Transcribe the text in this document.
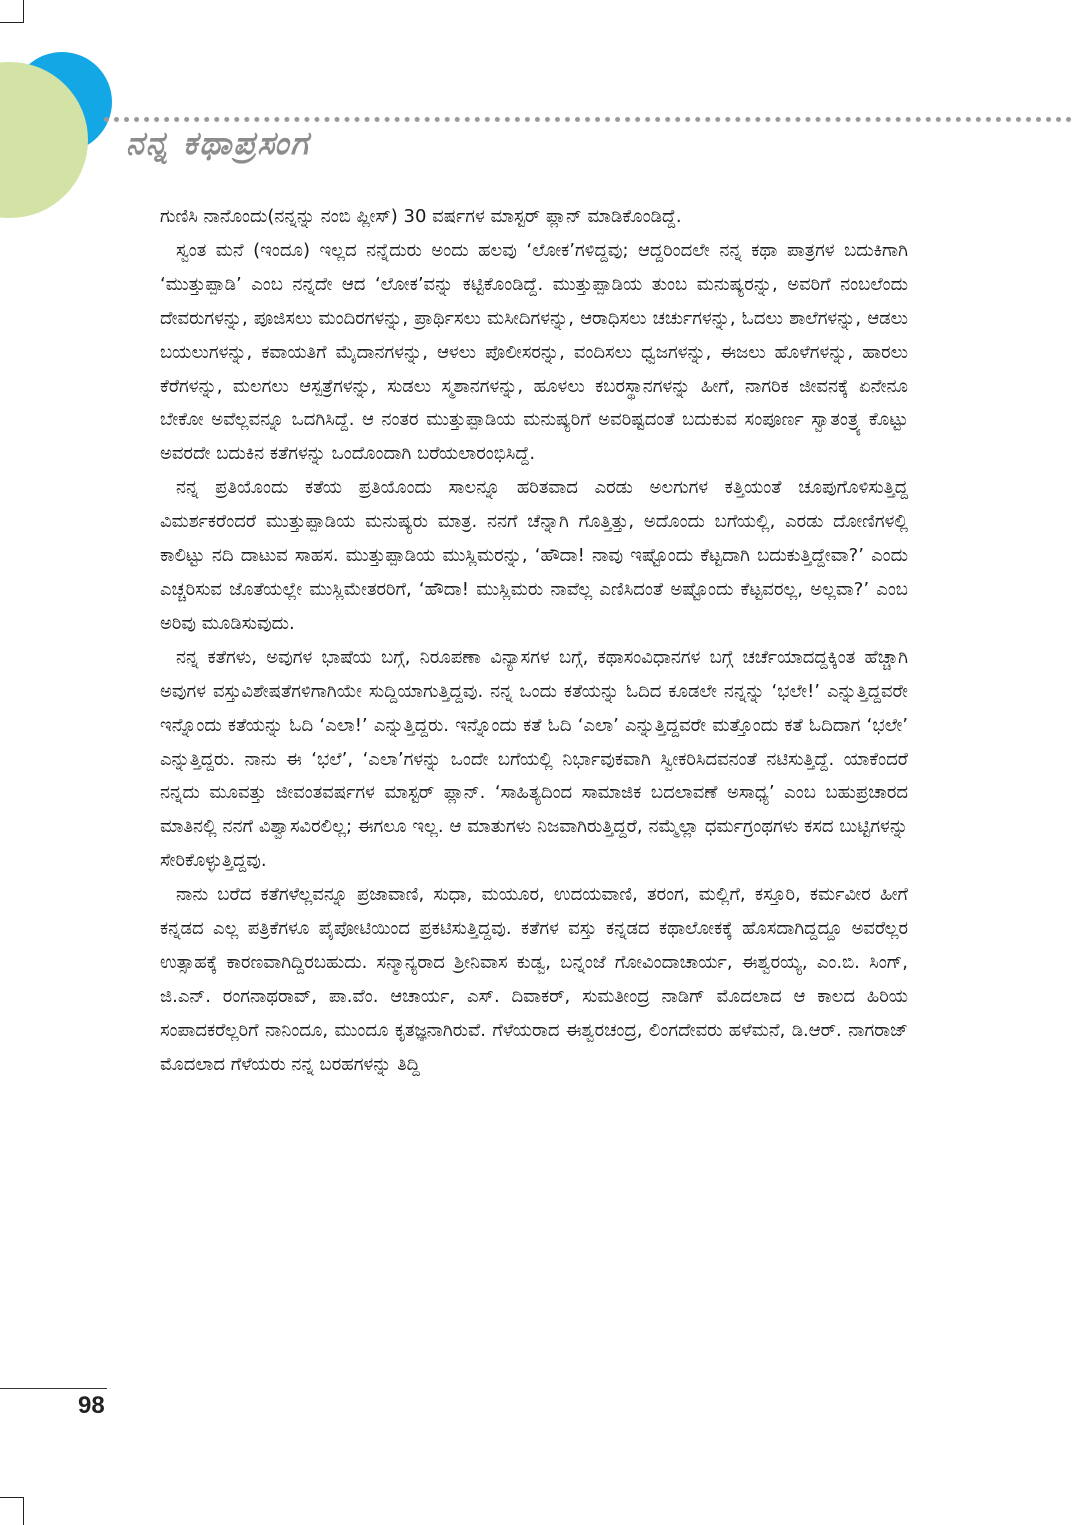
ನನ್ನ ಕಥಾಪ್ರಸಂಗ

ಗುಣಿಸಿ ನಾನೊಂದು(ನನ್ನನ್ನು ನಂಬಿ ಪ್ಲೀಸ್) 30 ವರ್ಷಗಳ ಮಾಸ್ಟರ್ ಪ್ಲಾನ್ ಮಾಡಿಕೊಂಡಿದ್ದೆ.

ಸ್ವಂತ ಮನೆ (ಇಂದೂ) ಇಲ್ಲದ ನನ್ನೆದುರು ಅಂದು ಹಲವು ‘ಲೋಕ’ಗಳಿದ್ದವು; ಆದ್ದರಿಂದಲೇ ನನ್ನ ಕಥಾ ಪಾತ್ರಗಳ ಬದುಕಿಗಾಗಿ ‘ಮುತ್ತುಪ್ಪಾಡಿ’ ಎಂಬ ನನ್ನದೇ ಆದ ‘ಲೋಕ’ವನ್ನು ಕಟ್ಟಿಕೊಂಡಿದ್ದೆ. ಮುತ್ತುಪ್ಪಾಡಿಯ ತುಂಬ ಮನುಷ್ಯರನ್ನು, ಅವರಿಗೆ ನಂಬಲೆಂದು ದೇವರುಗಳನ್ನು, ಪೂಜಿಸಲು ಮಂದಿರಗಳನ್ನು, ಪ್ರಾರ್ಥಿಸಲು ಮಸೀದಿಗಳನ್ನು, ಆರಾಧಿಸಲು ಚರ್ಚುಗಳನ್ನು, ಓದಲು ಶಾಲೆಗಳನ್ನು, ಆಡಲು ಬಯಲುಗಳನ್ನು, ಕವಾಯತಿಗೆ ಮೈದಾನಗಳನ್ನು, ಆಳಲು ಪೊಲೀಸರನ್ನು, ವಂದಿಸಲು ಧ್ವಜಗಳನ್ನು, ಈಜಲು ಹೊಳೆಗಳನ್ನು, ಹಾರಲು ಕೆರೆಗಳನ್ನು, ಮಲಗಲು ಆಸ್ಪತ್ರೆಗಳನ್ನು, ಸುಡಲು ಸ್ಮಶಾನಗಳನ್ನು, ಹೂಳಲು ಕಬರಸ್ಥಾನಗಳನ್ನು ಹೀಗೆ, ನಾಗರಿಕ ಜೀವನಕ್ಕೆ ಏನೇನೂ ಬೇಕೋ ಅವೆಲ್ಲವನ್ನೂ ಒದಗಿಸಿದ್ದೆ. ಆ ನಂತರ ಮುತ್ತುಪ್ಪಾಡಿಯ ಮನುಷ್ಯರಿಗೆ ಅವರಿಷ್ಟದಂತೆ ಬದುಕುವ ಸಂಪೂರ್ಣ ಸ್ವಾತಂತ್ರ್ಯ ಕೊಟ್ಟು ಅವರದೇ ಬದುಕಿನ ಕತೆಗಳನ್ನು ಒಂದೊಂದಾಗಿ ಬರೆಯಲಾರಂಭಿಸಿದ್ದೆ.

ನನ್ನ ಪ್ರತಿಯೊಂದು ಕತೆಯ ಪ್ರತಿಯೊಂದು ಸಾಲನ್ನೂ ಹರಿತವಾದ ಎರಡು ಅಲಗುಗಳ ಕತ್ತಿಯಂತೆ ಚೂಪುಗೊಳಿಸುತ್ತಿದ್ದ ವಿಮರ್ಶಕರೆಂದರೆ ಮುತ್ತುಪ್ಪಾಡಿಯ ಮನುಷ್ಯರು ಮಾತ್ರ. ನನಗೆ ಚೆನ್ನಾಗಿ ಗೊತ್ತಿತ್ತು, ಅದೊಂದು ಬಗೆಯಲ್ಲಿ, ಎರಡು ದೋಣಿಗಳಲ್ಲಿ ಕಾಲಿಟ್ಟು ನದಿ ದಾಟುವ ಸಾಹಸ. ಮುತ್ತುಪ್ಪಾಡಿಯ ಮುಸ್ಲಿಮರನ್ನು, ‘ಹೌದಾ! ನಾವು ಇಷ್ಟೊಂದು ಕೆಟ್ಟದಾಗಿ ಬದುಕುತ್ತಿದ್ದೇವಾ?’ ಎಂದು ಎಚ್ಚರಿಸುವ ಜೊತೆಯಲ್ಲೇ ಮುಸ್ಲಿಮೇತರರಿಗೆ, ‘ಹೌದಾ! ಮುಸ್ಲಿಮರು ನಾವೆಲ್ಲ ಎಣಿಸಿದಂತೆ ಅಷ್ಟೊಂದು ಕೆಟ್ಟವರಲ್ಲ, ಅಲ್ಲವಾ?’ ಎಂಬ ಅರಿವು ಮೂಡಿಸುವುದು.

ನನ್ನ ಕತೆಗಳು, ಅವುಗಳ ಭಾಷೆಯ ಬಗ್ಗೆ, ನಿರೂಪಣಾ ವಿನ್ಯಾಸಗಳ ಬಗ್ಗೆ, ಕಥಾಸಂವಿಧಾನಗಳ ಬಗ್ಗೆ ಚರ್ಚೆಯಾದದ್ದಕ್ಕಿಂತ ಹೆಚ್ಚಾಗಿ ಅವುಗಳ ವಸ್ತುವಿಶೇಷತೆಗಳಿಗಾಗಿಯೇ ಸುದ್ದಿಯಾಗುತ್ತಿದ್ದವು. ನನ್ನ ಒಂದು ಕತೆಯನ್ನು ಓದಿದ ಕೂಡಲೇ ನನ್ನನ್ನು ‘ಭಲೇ!’ ಎನ್ನುತ್ತಿದ್ದವರೇ ಇನ್ನೊಂದು ಕತೆಯನ್ನು ಓದಿ ‘ಎಲಾ!’ ಎನ್ನುತ್ತಿದ್ದರು. ಇನ್ನೊಂದು ಕತೆ ಓದಿ ‘ಎಲಾ’ ಎನ್ನುತ್ತಿದ್ದವರೇ ಮತ್ತೊಂದು ಕತೆ ಓದಿದಾಗ ‘ಭಲೇ’ ಎನ್ನುತ್ತಿದ್ದರು. ನಾನು ಈ ‘ಭಲೆ’, ‘ಎಲಾ’ಗಳನ್ನು ಒಂದೇ ಬಗೆಯಲ್ಲಿ ನಿರ್ಭಾವುಕವಾಗಿ ಸ್ವೀಕರಿಸಿದವನಂತೆ ನಟಿಸುತ್ತಿದ್ದೆ. ಯಾಕೆಂದರೆ ನನ್ನದು ಮೂವತ್ತು ಜೀವಂತವರ್ಷಗಳ ಮಾಸ್ಟರ್ ಪ್ಲಾನ್. ‘ಸಾಹಿತ್ಯದಿಂದ ಸಾಮಾಜಿಕ ಬದಲಾವಣೆ ಅಸಾಧ್ಯ’ ಎಂಬ ಬಹುಪ್ರಚಾರದ ಮಾತಿನಲ್ಲಿ ನನಗೆ ವಿಶ್ವಾಸವಿರಲಿಲ್ಲ; ಈಗಲೂ ಇಲ್ಲ. ಆ ಮಾತುಗಳು ನಿಜವಾಗಿರುತ್ತಿದ್ದರೆ, ನಮ್ಮೆಲ್ಲಾ ಧರ್ಮಗ್ರಂಥಗಳು ಕಸದ ಬುಟ್ಟಿಗಳನ್ನು ಸೇರಿಕೊಳ್ಳುತ್ತಿದ್ದವು.

ನಾನು ಬರೆದ ಕತೆಗಳೆಲ್ಲವನ್ನೂ ಪ್ರಜಾವಾಣಿ, ಸುಧಾ, ಮಯೂರ, ಉದಯವಾಣಿ, ತರಂಗ, ಮಲ್ಲಿಗೆ, ಕಸ್ತೂರಿ, ಕರ್ಮವೀರ ಹೀಗೆ ಕನ್ನಡದ ಎಲ್ಲ ಪತ್ರಿಕೆಗಳೂ ಪೈಪೋಟಿಯಿಂದ ಪ್ರಕಟಿಸುತ್ತಿದ್ದವು. ಕತೆಗಳ ವಸ್ತು ಕನ್ನಡದ ಕಥಾಲೋಕಕ್ಕೆ ಹೊಸದಾಗಿದ್ದದ್ದೂ ಅವರೆಲ್ಲರ ಉತ್ಸಾಹಕ್ಕೆ ಕಾರಣವಾಗಿದ್ದಿರಬಹುದು. ಸನ್ಮಾನ್ಯರಾದ ಶ್ರೀನಿವಾಸ ಕುಡ್ವ, ಬನ್ನಂಜೆ ಗೋವಿಂದಾಚಾರ್ಯ, ಈಶ್ವರಯ್ಯ, ಎಂ.ಬಿ. ಸಿಂಗ್, ಜಿ.ಎನ್. ರಂಗನಾಥರಾವ್, ಪಾ.ವೆಂ. ಆಚಾರ್ಯ, ಎಸ್. ದಿವಾಕರ್, ಸುಮತೀಂದ್ರ ನಾಡಿಗ್ ಮೊದಲಾದ ಆ ಕಾಲದ ಹಿರಿಯ ಸಂಪಾದಕರೆಲ್ಲರಿಗೆ ನಾನಿಂದೂ, ಮುಂದೂ ಕೃತಜ್ಞನಾಗಿರುವೆ. ಗೆಳೆಯರಾದ ಈಶ್ವರಚಂದ್ರ, ಲಿಂಗದೇವರು ಹಳೆಮನೆ, ಡಿ.ಆರ್. ನಾಗರಾಜ್ ಮೊದಲಾದ ಗೆಳೆಯರು ನನ್ನ ಬರಹಗಳನ್ನು ತಿದ್ದಿ

98
